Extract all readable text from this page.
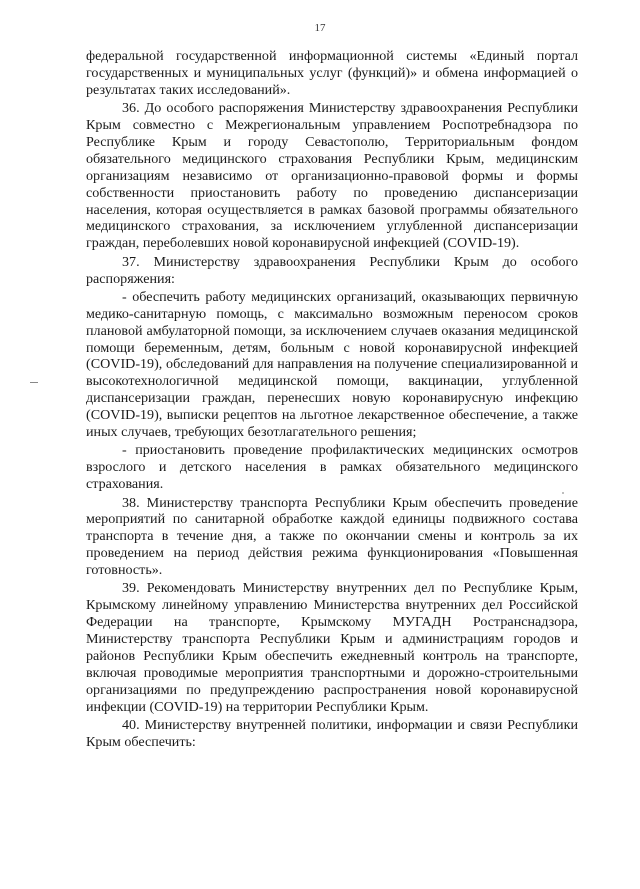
17

федеральной государственной информационной системы «Единый портал государственных и муниципальных услуг (функций)» и обмена информацией о результатах таких исследований».

36. До особого распоряжения Министерству здравоохранения Республики Крым совместно с Межрегиональным управлением Роспотребнадзора по Республике Крым и городу Севастополю, Территориальным фондом обязательного медицинского страхования Республики Крым, медицинским организациям независимо от организационно-правовой формы и формы собственности приостановить работу по проведению диспансеризации населения, которая осуществляется в рамках базовой программы обязательного медицинского страхования, за исключением углубленной диспансеризации граждан, переболевших новой коронавирусной инфекцией (COVID-19).

37. Министерству здравоохранения Республики Крым до особого распоряжения:

- обеспечить работу медицинских организаций, оказывающих первичную медико-санитарную помощь, с максимально возможным переносом сроков плановой амбулаторной помощи, за исключением случаев оказания медицинской помощи беременным, детям, больным с новой коронавирусной инфекцией (COVID-19), обследований для направления на получение специализированной и высокотехнологичной медицинской помощи, вакцинации, углубленной диспансеризации граждан, перенесших новую коронавирусную инфекцию (COVID-19), выписки рецептов на льготное лекарственное обеспечение, а также иных случаев, требующих безотлагательного решения;

- приостановить проведение профилактических медицинских осмотров взрослого и детского населения в рамках обязательного медицинского страхования.

38. Министерству транспорта Республики Крым обеспечить проведение мероприятий по санитарной обработке каждой единицы подвижного состава транспорта в течение дня, а также по окончании смены и контроль за их проведением на период действия режима функционирования «Повышенная готовность».

39. Рекомендовать Министерству внутренних дел по Республике Крым, Крымскому линейному управлению Министерства внутренних дел Российской Федерации на транспорте, Крымскому МУГАДН Ространснадзора, Министерству транспорта Республики Крым и администрациям городов и районов Республики Крым обеспечить ежедневный контроль на транспорте, включая проводимые мероприятия транспортными и дорожно-строительными организациями по предупреждению распространения новой коронавирусной инфекции (COVID-19) на территории Республики Крым.

40. Министерству внутренней политики, информации и связи Республики Крым обеспечить:
